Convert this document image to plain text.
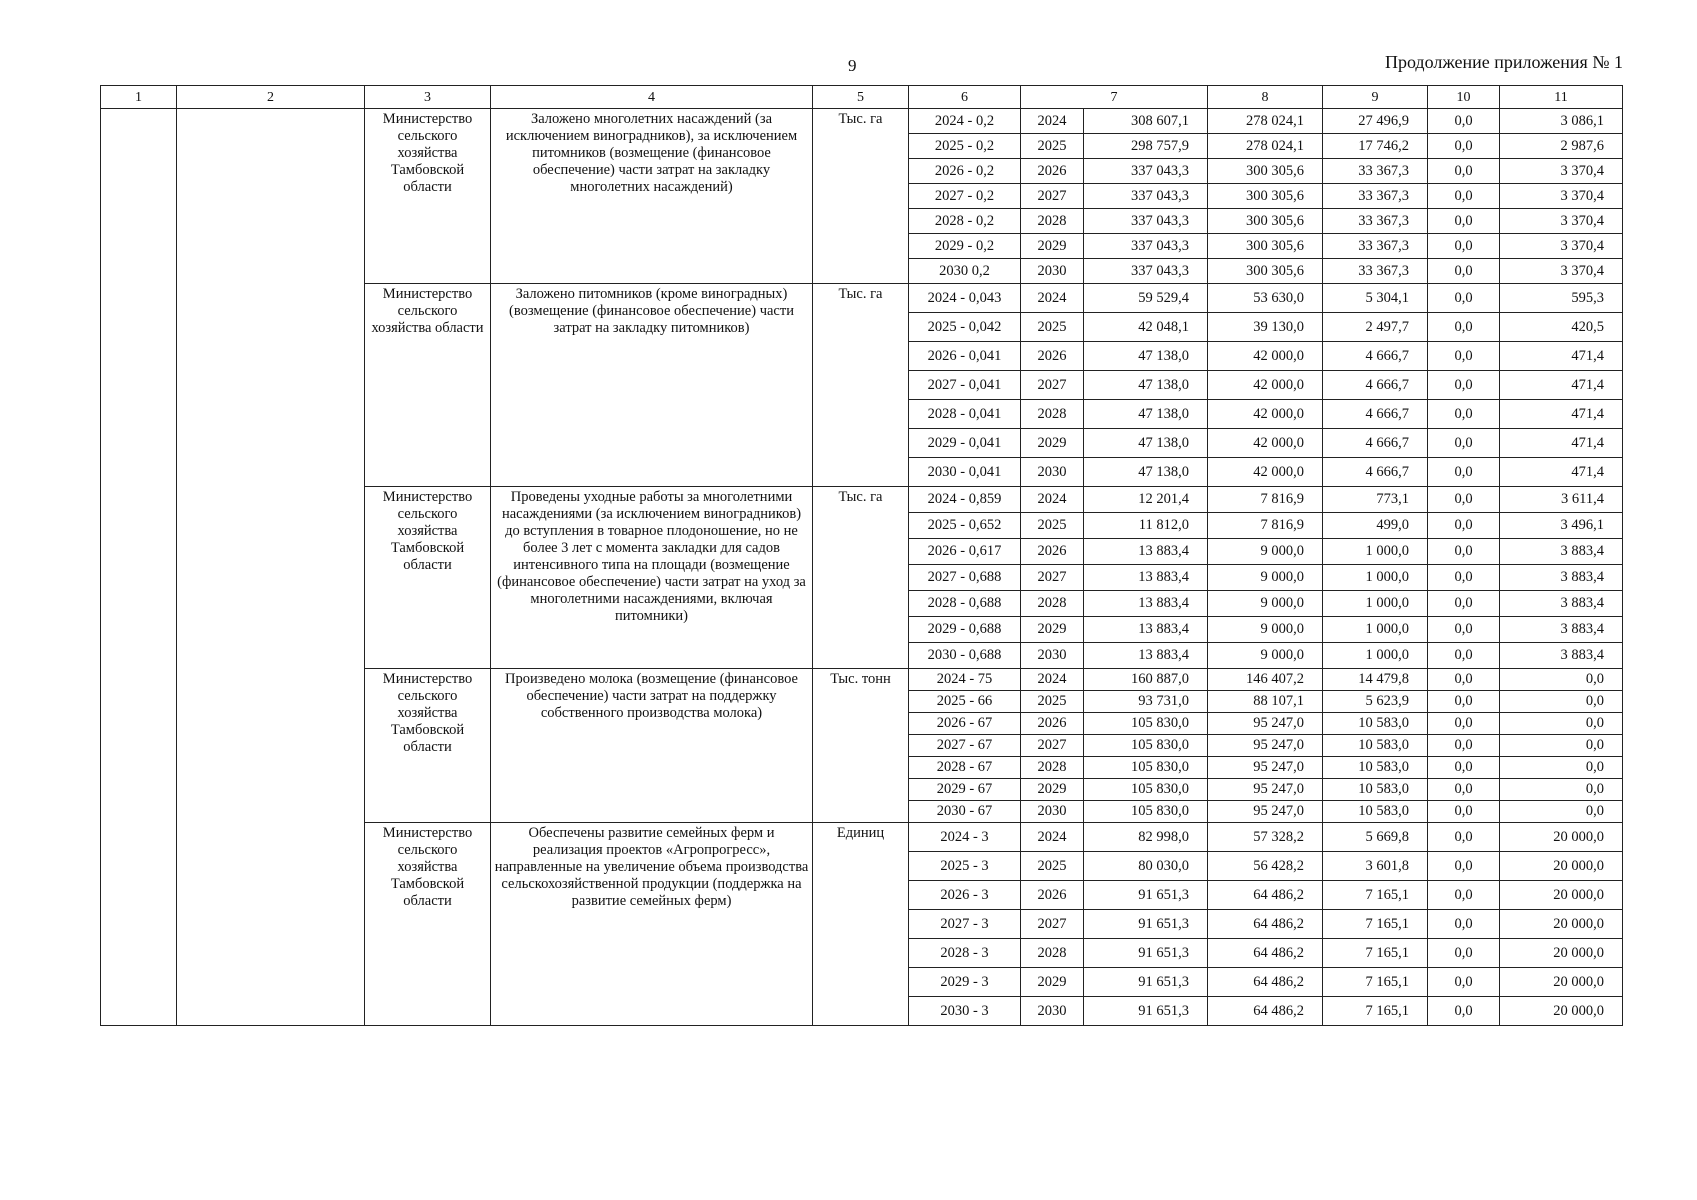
9	Продолжение приложения № 1
1	2	3	4	5	6	7		8	9	10	11
		Министерство сельского хозяйства Тамбовской области	Заложено многолетних насаждений (за исключением виноградников), за исключением питомников (возмещение (финансовое обеспечение) части затрат на закладку многолетних насаждений)	Тыс. га	2024 - 0,2	2024	308 607,1	278 024,1	27 496,9	0,0	3 086,1
					2025 - 0,2	2025	298 757,9	278 024,1	17 746,2	0,0	2 987,6
					2026 - 0,2	2026	337 043,3	300 305,6	33 367,3	0,0	3 370,4
					2027 - 0,2	2027	337 043,3	300 305,6	33 367,3	0,0	3 370,4
					2028 - 0,2	2028	337 043,3	300 305,6	33 367,3	0,0	3 370,4
					2029 - 0,2	2029	337 043,3	300 305,6	33 367,3	0,0	3 370,4
					2030 0,2	2030	337 043,3	300 305,6	33 367,3	0,0	3 370,4
		Министерство сельского хозяйства области	Заложено питомников (кроме виноградных) (возмещение (финансовое обеспечение) части затрат на закладку питомников)	Тыс. га	2024 - 0,043	2024	59 529,4	53 630,0	5 304,1	0,0	595,3
					2025 - 0,042	2025	42 048,1	39 130,0	2 497,7	0,0	420,5
					2026 - 0,041	2026	47 138,0	42 000,0	4 666,7	0,0	471,4
					2027 - 0,041	2027	47 138,0	42 000,0	4 666,7	0,0	471,4
					2028 - 0,041	2028	47 138,0	42 000,0	4 666,7	0,0	471,4
					2029 - 0,041	2029	47 138,0	42 000,0	4 666,7	0,0	471,4
					2030 - 0,041	2030	47 138,0	42 000,0	4 666,7	0,0	471,4
		Министерство сельского хозяйства Тамбовской области	Проведены уходные работы за многолетними насаждениями (за исключением виноградников) до вступления в товарное плодоношение, но не более 3 лет с момента закладки для садов интенсивного типа на площади (возмещение (финансовое обеспечение) части затрат на уход за многолетними насаждениями, включая питомники)	Тыс. га	2024 - 0,859	2024	12 201,4	7 816,9	773,1	0,0	3 611,4
					2025 - 0,652	2025	11 812,0	7 816,9	499,0	0,0	3 496,1
					2026 - 0,617	2026	13 883,4	9 000,0	1 000,0	0,0	3 883,4
					2027 - 0,688	2027	13 883,4	9 000,0	1 000,0	0,0	3 883,4
					2028 - 0,688	2028	13 883,4	9 000,0	1 000,0	0,0	3 883,4
					2029 - 0,688	2029	13 883,4	9 000,0	1 000,0	0,0	3 883,4
					2030 - 0,688	2030	13 883,4	9 000,0	1 000,0	0,0	3 883,4
		Министерство сельского хозяйства Тамбовской области	Произведено молока (возмещение (финансовое обеспечение) части затрат на поддержку собственного производства молока)	Тыс. тонн	2024 - 75	2024	160 887,0	146 407,2	14 479,8	0,0	0,0
					2025 - 66	2025	93 731,0	88 107,1	5 623,9	0,0	0,0
					2026 - 67	2026	105 830,0	95 247,0	10 583,0	0,0	0,0
					2027 - 67	2027	105 830,0	95 247,0	10 583,0	0,0	0,0
					2028 - 67	2028	105 830,0	95 247,0	10 583,0	0,0	0,0
					2029 - 67	2029	105 830,0	95 247,0	10 583,0	0,0	0,0
					2030 - 67	2030	105 830,0	95 247,0	10 583,0	0,0	0,0
		Министерство сельского хозяйства Тамбовской области	Обеспечены развитие семейных ферм и реализация проектов «Агропрогресс», направленные на увеличение объема производства сельскохозяйственной продукции (поддержка на развитие семейных ферм)	Единиц	2024 - 3	2024	82 998,0	57 328,2	5 669,8	0,0	20 000,0
					2025 - 3	2025	80 030,0	56 428,2	3 601,8	0,0	20 000,0
					2026 - 3	2026	91 651,3	64 486,2	7 165,1	0,0	20 000,0
					2027 - 3	2027	91 651,3	64 486,2	7 165,1	0,0	20 000,0
					2028 - 3	2028	91 651,3	64 486,2	7 165,1	0,0	20 000,0
					2029 - 3	2029	91 651,3	64 486,2	7 165,1	0,0	20 000,0
					2030 - 3	2030	91 651,3	64 486,2	7 165,1	0,0	20 000,0
